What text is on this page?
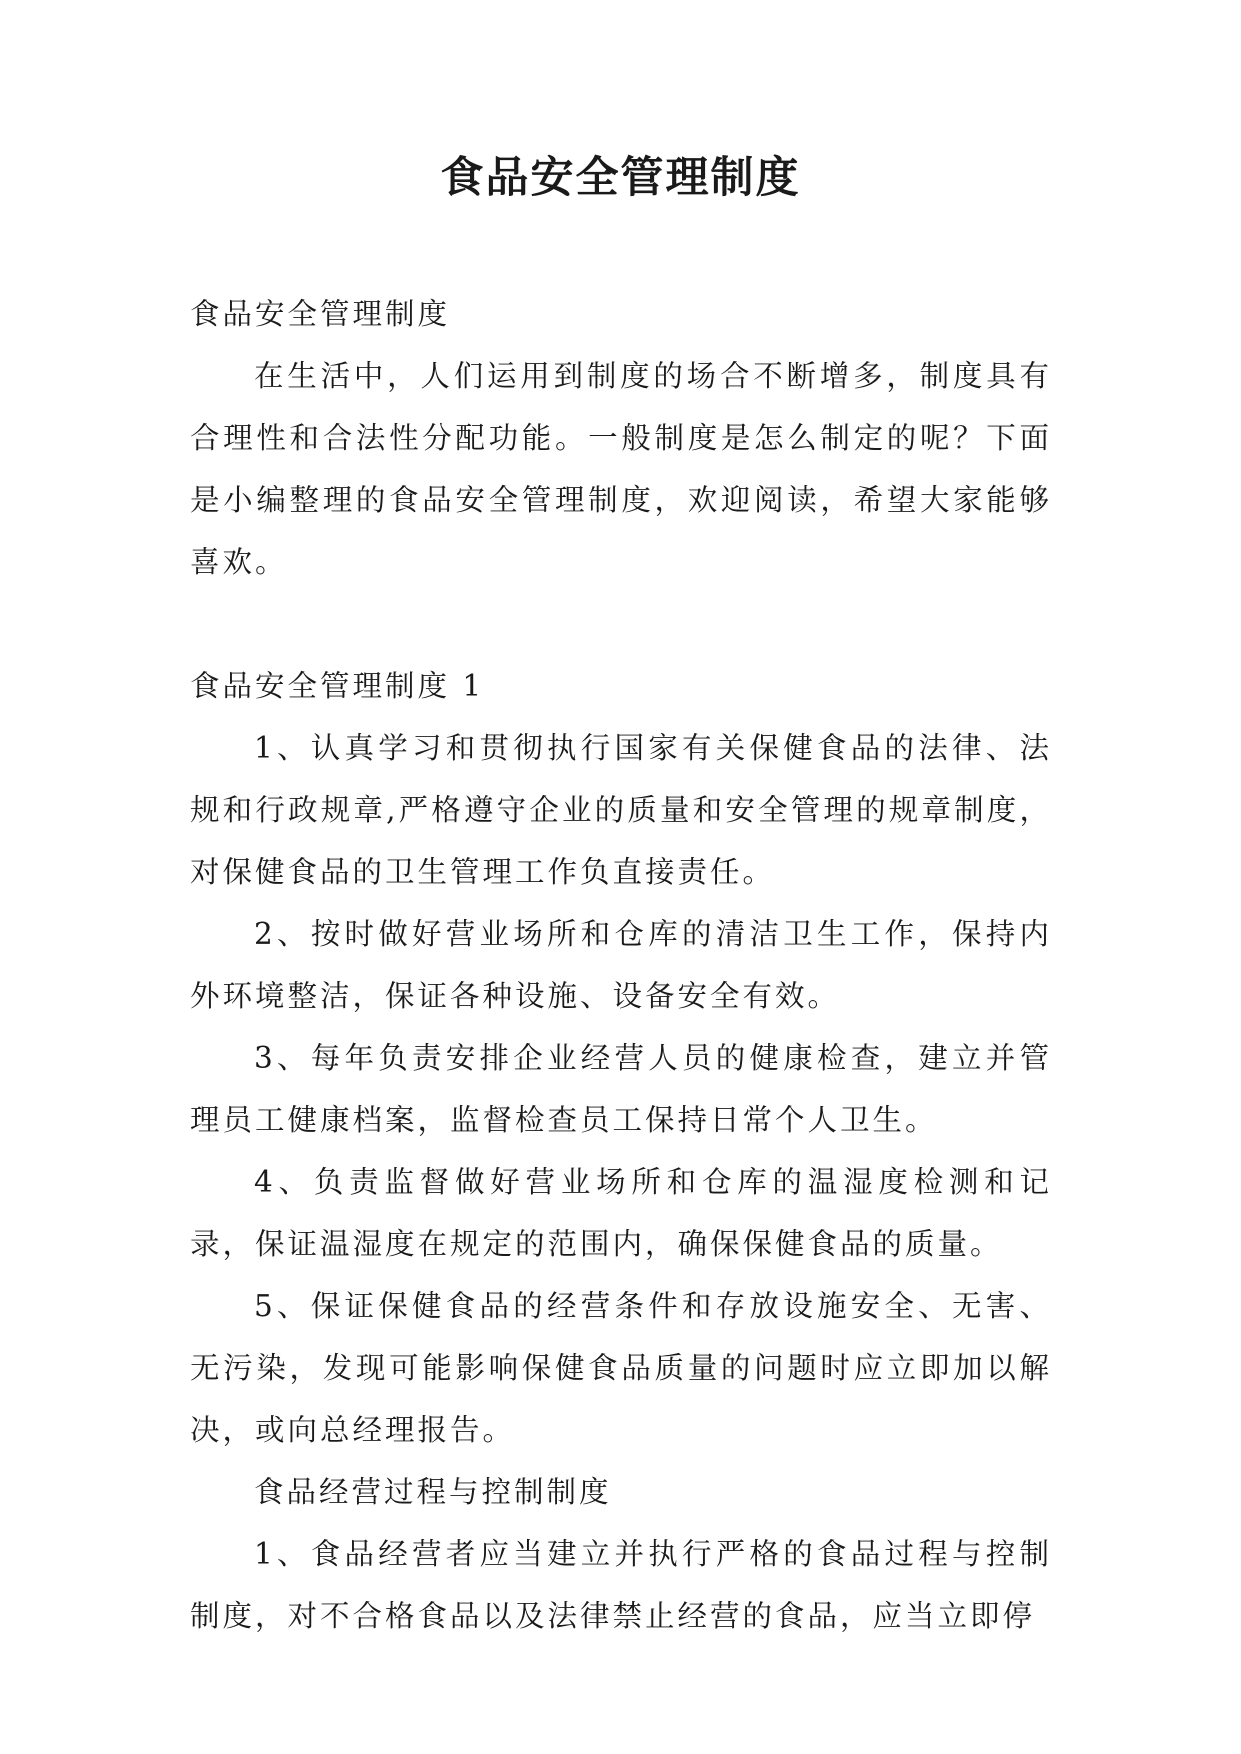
食品安全管理制度

食品安全管理制度

在生活中，人们运用到制度的场合不断增多，制度具有合理性和合法性分配功能。一般制度是怎么制定的呢？下面是小编整理的食品安全管理制度，欢迎阅读，希望大家能够喜欢。

食品安全管理制度 1

1、认真学习和贯彻执行国家有关保健食品的法律、法规和行政规章,严格遵守企业的质量和安全管理的规章制度，对保健食品的卫生管理工作负直接责任。

2、按时做好营业场所和仓库的清洁卫生工作，保持内外环境整洁，保证各种设施、设备安全有效。

3、每年负责安排企业经营人员的健康检查，建立并管理员工健康档案，监督检查员工保持日常个人卫生。

4、负责监督做好营业场所和仓库的温湿度检测和记录，保证温湿度在规定的范围内，确保保健食品的质量。

5、保证保健食品的经营条件和存放设施安全、无害、无污染，发现可能影响保健食品质量的问题时应立即加以解决，或向总经理报告。

食品经营过程与控制制度

1、食品经营者应当建立并执行严格的食品过程与控制制度，对不合格食品以及法律禁止经营的食品，应当立即停
